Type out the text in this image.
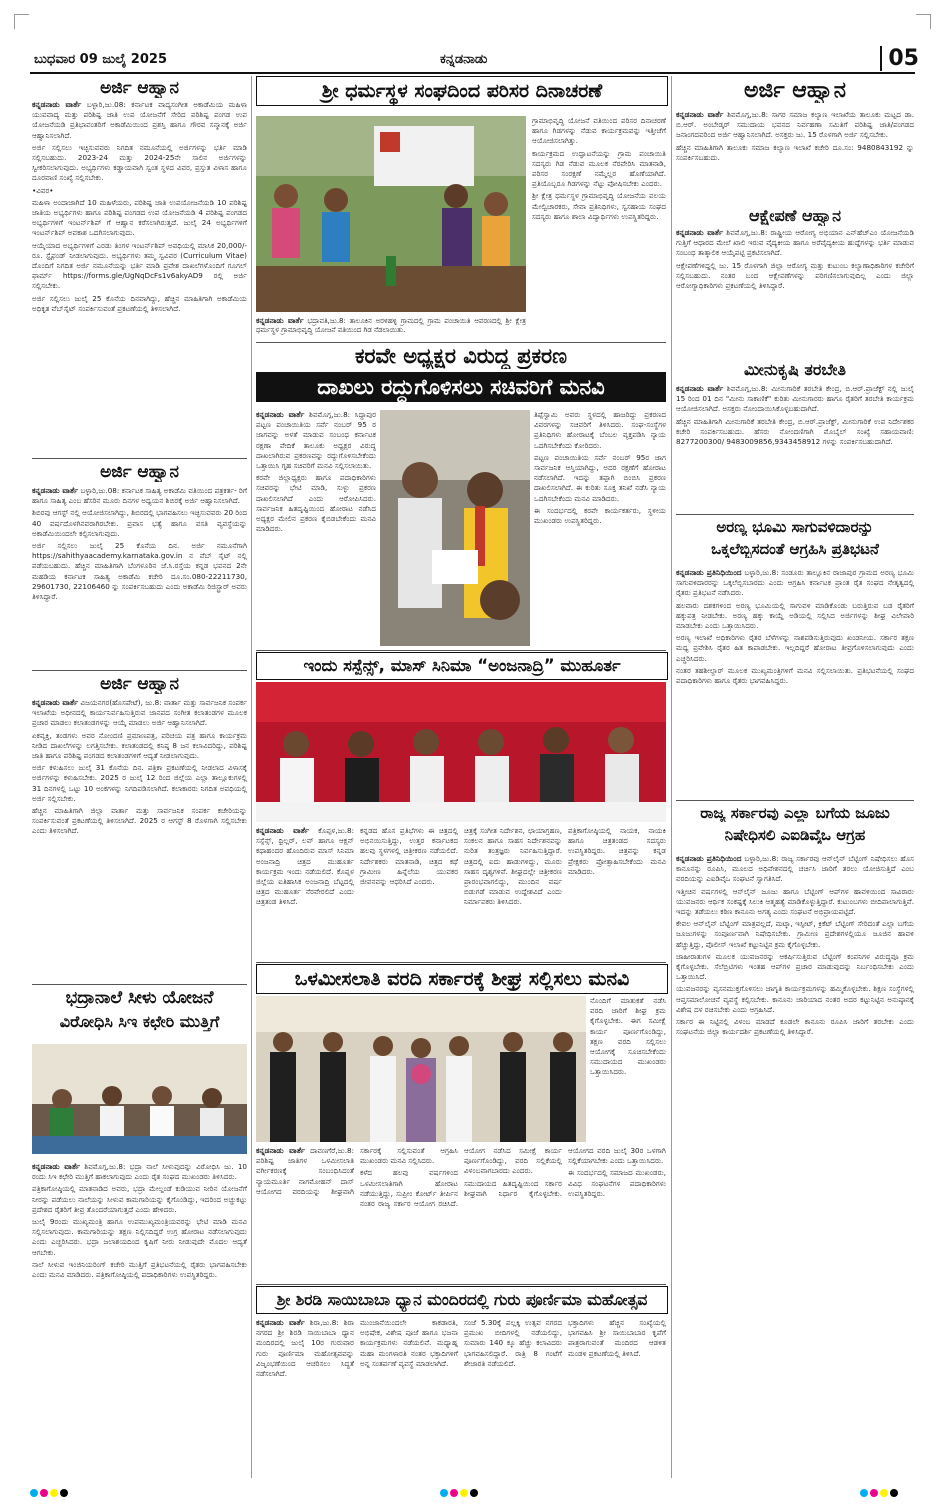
ಬುಧವಾರ 09 ಜುಲೈ 2025	ಕನ್ನಡನಾಡು	05
ಅರ್ಜಿ ಆಹ್ವಾನ

ಕನ್ನಡನಾಡು ವಾರ್ತೆ ಬಳ್ಳಾರಿ,ಜು.08: ಕರ್ನಾಟಕ ವಾದ್ಯಸಂಗೀತ ಅಕಾಡೆಮಿಯ ಮಹಿಳಾ ಯುವವಾದ್ಯ ಮತ್ತು ಪರಿಶಿಷ್ಟ ಜಾತಿ ಉಪ ಯೋಜನೆಗೆ ಸೇರಿದ ಪರಿಶಿಷ್ಟ ಪಂಗಡ ಉಪ ಯೋಜನೆಯಡಿ ಪ್ರತಿಭಾವಂತರಿಗೆ ಅಕಾಡೆಮಿಯಿಂದ ಪ್ರಶಸ್ತಿ ಹಾಗೂ ಗೌರವ ಸನ್ಮಾನಕ್ಕೆ ಅರ್ಜಿ ಆಹ್ವಾನಿಸಲಾಗಿದೆ.

ಅರ್ಜಿ ಸಲ್ಲಿಸಲು ಇಚ್ಛಿಸುವವರು ನಿಗದಿತ ನಮೂನೆಯಲ್ಲಿ ಅರ್ಜಿಗಳನ್ನು ಭರ್ತಿ ಮಾಡಿ ಸಲ್ಲಿಸಬಹುದು. 2023-24 ಮತ್ತು 2024-25ನೇ ಸಾಲಿನ ಅರ್ಜಿಗಳನ್ನು ಸ್ವೀಕರಿಸಲಾಗುವುದು. ಅಭ್ಯರ್ಥಿಗಳು ಕಡ್ಡಾಯವಾಗಿ ಸ್ವಂತ ಸ್ಥಳದ ವಿವರ, ಪ್ರಸ್ತುತ ವಿಳಾಸ ಹಾಗೂ ದೂರವಾಣಿ ಸಂಖ್ಯೆ ಸಲ್ಲಿಸಬೇಕು.

•ವಿವರ•

ಮಹಿಳಾ ಅಂದಾಜಾಗಿದೆ 10 ಮಹಿಳೆಯರು, ಪರಿಶಿಷ್ಟ ಜಾತಿ ಉಪಯೋಜನೆಯಡಿ 10 ಪರಿಶಿಷ್ಟ ಜಾತಿಯ ಅಭ್ಯರ್ಥಿಗಳು ಹಾಗೂ ಪರಿಶಿಷ್ಟ ಪಂಗಡದ ಉಪ ಯೋಜನೆಯಡಿ 4 ಪರಿಶಿಷ್ಟ ಪಂಗಡದ ಅಭ್ಯರ್ಥಿಗಳಿಗೆ ಇಂಟರ್ನ್‌ಶಿಪ್ ಗೆ ಆಹ್ವಾನ ಕರೆಸಲಾಗಿರುತ್ತದೆ. ಜುಲೈ 24 ಅಭ್ಯರ್ಥಿಗಳಿಗೆ ಇಂಟರ್ನ್‌ಶಿಪ್ ಅವಕಾಶ ಒದಗಿಸಲಾಗುವುದು.

ಆಯ್ಕೆಯಾದ ಅಭ್ಯರ್ಥಿಗಳಿಗೆ ಎರಡು ತಿಂಗಳ ಇಂಟರ್ನ್‌ಶಿಪ್ ಅವಧಿಯಲ್ಲಿ ಮಾಸಿಕ 20,000/- ರೂ. ಸ್ಟೈಫಂಡ್ ನೀಡಲಾಗುವುದು. ಅಭ್ಯರ್ಥಿಗಳು ತಮ್ಮ ಸ್ವವಿವರ (Curriculum Vitae) ದೊಂದಿಗೆ ನಿಗದಿತ ಅರ್ಜಿ ನಮೂನೆಯನ್ನು ಭರ್ತಿ ಮಾಡಿ ಪ್ರವೇಶ ದಾಖಲೆಗಳೊಂದಿಗೆ ಗೂಗಲ್ ಫಾರ್ಮ್ https://forms.gle/UgNqDcFs1v6akyAD9 ರಲ್ಲಿ ಅರ್ಜಿ ಸಲ್ಲಿಸಬೇಕು.

ಅರ್ಜಿ ಸಲ್ಲಿಸಲು ಜುಲೈ 25 ಕೊನೆಯ ದಿನವಾಗಿದ್ದು, ಹೆಚ್ಚಿನ ಮಾಹಿತಿಗಾಗಿ ಅಕಾಡೆಮಿಯ ಅಧಿಕೃತ ವೆಬ್‌ಸೈಟ್ ಸಂಪರ್ಕಿಸುವಂತೆ ಪ್ರಕಟಣೆಯಲ್ಲಿ ತಿಳಿಸಲಾಗಿದೆ.

ಅರ್ಜಿ ಆಹ್ವಾನ

ಕನ್ನಡನಾಡು ವಾರ್ತೆ ಬಳ್ಳಾರಿ,ಜು.08: ಕರ್ನಾಟಕ ಸಾಹಿತ್ಯ ಅಕಾಡೆಮಿ ವತಿಯಿಂದ ಪತ್ರಕರ್ತ- ರಿಗೆ ಹಾಗೂ ಸಾಹಿತ್ಯ ಎಂಬ ಹೆಸರಿನ ಮೂರು ದಿನಗಳ ಅಧ್ಯಯನ ಶಿಬಿರಕ್ಕೆ ಅರ್ಜಿ ಆಹ್ವಾನಿಸಲಾಗಿದೆ.

ಶಿಬಿರವು ಆಗಸ್ಟ್ ನಲ್ಲಿ ಆಯೋಜಿಸಲಾಗಿದ್ದು, ಶಿಬಿರದಲ್ಲಿ ಭಾಗವಹಿಸಲು ಇಚ್ಛಿಸುವವರು 20 ರಿಂದ 40 ವರ್ಷದೊಳಗಿನವರಾಗಿರಬೇಕು. ಪ್ರವಾಸ ಭತ್ಯೆ ಹಾಗೂ ವಸತಿ ವ್ಯವಸ್ಥೆಯನ್ನು ಅಕಾಡೆಮಿಯಿಂದಲೇ ಕಲ್ಪಿಸಲಾಗುವುದು.

ಅರ್ಜಿ ಸಲ್ಲಿಸಲು ಜುಲೈ 25 ಕೊನೆಯ ದಿನ. ಅರ್ಜಿ ನಮೂನೆಗಾಗಿ https://sahithyaacademy.karnataka.gov.in ನ ವೆಬ್ ಸೈಟ್ ನಲ್ಲಿ ಪಡೆಯಬಹುದು. ಹೆಚ್ಚಿನ ಮಾಹಿತಿಗಾಗಿ ಬೆಂಗಳೂರಿನ ಜೆ.ಸಿ.ರಸ್ತೆಯ ಕನ್ನಡ ಭವನದ 2ನೇ ಮಹಡಿಯ ಕರ್ನಾಟಕ ಸಾಹಿತ್ಯ ಅಕಾಡೆಮಿ ಕಚೇರಿ ದೂ.ಸಂ.080-22211730, 29601730, 22106460 ನ್ನು ಸಂಪರ್ಕಿಸಬಹುದು ಎಂದು ಅಕಾಡೆಮಿ ರಿಜಿಸ್ಟ್ರಾರ್ ಅವರು ತಿಳಿಸಿದ್ದಾರೆ.

ಅರ್ಜಿ ಆಹ್ವಾನ

ಕನ್ನಡನಾಡು ವಾರ್ತೆ ವಿಜಯನಗರ(ಹೊಸಪೇಟೆ), ಜು.8: ವಾರ್ತಾ ಮತ್ತು ಸಾರ್ವಜನಿಕ ಸಂಪರ್ಕ ಇಲಾಖೆಯ ಅಧೀನದಲ್ಲಿ ಕಾರ್ಯನಿರ್ವಹಿಸುತ್ತಿರುವ ಜಾನಪದ ಸಂಗೀತ ಕಲಾತಂಡಗಳ ಮೂಲಕ ಪ್ರಚಾರ ಮಾಡಲು ಕಲಾತಂಡಗಳನ್ನು ಆಯ್ಕೆ ಮಾಡಲು ಅರ್ಜಿ ಆಹ್ವಾನಿಸಲಾಗಿದೆ.

ಏಕವ್ಯಕ್ತಿ, ತಂಡಗಳು ಅವರ ನೋಂದಣಿ ಪ್ರಮಾಣಪತ್ರ, ಪರಿಚಯ ಪತ್ರ ಹಾಗೂ ಕಾರ್ಯಕ್ರಮ ನೀಡಿದ ದಾಖಲೆಗಳನ್ನು ಲಗತ್ತಿಸಬೇಕು. ಕಲಾತಂಡದಲ್ಲಿ ಕನಿಷ್ಠ 8 ಜನ ಕಲಾವಿದರಿದ್ದು, ಪರಿಶಿಷ್ಟ ಜಾತಿ ಹಾಗೂ ಪರಿಶಿಷ್ಟ ಪಂಗಡದ ಕಲಾತಂಡಗಳಿಗೆ ಆದ್ಯತೆ ನೀಡಲಾಗುವುದು.

ಅರ್ಜಿ ಕಳುಹಿಸಲು ಜುಲೈ 31 ಕೊನೆಯ ದಿನ. ಪತ್ರಿಕಾ ಪ್ರಕಟಣೆಯಲ್ಲಿ ನೀಡಲಾದ ವಿಳಾಸಕ್ಕೆ ಅರ್ಜಿಗಳನ್ನು ಕಳುಹಿಸಬೇಕು. 2025 ರ ಜುಲೈ 12 ರಿಂದ ಜಿಲ್ಲೆಯ ಎಲ್ಲಾ ತಾಲ್ಲೂಕುಗಳಲ್ಲಿ 31 ದಿನಗಳಲ್ಲಿ ಒಟ್ಟು 10 ಅಂಕಗಳನ್ನು ನಿಗದಿಪಡಿಸಲಾಗಿದೆ. ಕಲಾಕಾರರು ನಿಗದಿತ ಅವಧಿಯಲ್ಲಿ ಅರ್ಜಿ ಸಲ್ಲಿಸಬೇಕು.

ಹೆಚ್ಚಿನ ಮಾಹಿತಿಗಾಗಿ ಜಿಲ್ಲಾ ವಾರ್ತಾ ಮತ್ತು ಸಾರ್ವಜನಿಕ ಸಂಪರ್ಕ ಕಚೇರಿಯನ್ನು ಸಂಪರ್ಕಿಸುವಂತೆ ಪ್ರಕಟಣೆಯಲ್ಲಿ ತಿಳಿಸಲಾಗಿದೆ. 2025 ರ ಆಗಸ್ಟ್ 8 ರೊಳಗಾಗಿ ಸಲ್ಲಿಸಬೇಕು ಎಂದು ತಿಳಿಸಲಾಗಿದೆ.

ಭದ್ರಾನಾಲೆ ಸೀಳು ಯೋಜನೆ
ವಿರೋಧಿಸಿ ಸಿಇ ಕಛೇರಿ ಮುತ್ತಿಗೆ

ಕನ್ನಡನಾಡು ವಾರ್ತೆ ಶಿವಮೊಗ್ಗ,ಜು.8: ಭದ್ರಾ ನಾಲೆ ಸೀಳುವುದನ್ನು ವಿರೋಧಿಸಿ ಜು. 10 ರಂದು ಸಿಇ ಕಛೇರಿ ಮುತ್ತಿಗೆ ಹಾಕಲಾಗುವುದು ಎಂದು ರೈತ ಸಂಘದ ಮುಖಂಡರು ತಿಳಿಸಿದರು.

ಪತ್ರಿಕಾಗೋಷ್ಠಿಯಲ್ಲಿ ಮಾತನಾಡಿದ ಅವರು, ಭದ್ರಾ ಮೇಲ್ದಂಡೆ ಕುಡಿಯುವ ನೀರಿನ ಯೋಜನೆಗೆ ನೀರನ್ನು ಪಡೆಯಲು ನಾಲೆಯನ್ನು ಸೀಳುವ ಕಾಮಗಾರಿಯನ್ನು ಕೈಗೊಂಡಿದ್ದು, ಇದರಿಂದ ಅಚ್ಚುಕಟ್ಟು ಪ್ರದೇಶದ ರೈತರಿಗೆ ತೀವ್ರ ತೊಂದರೆಯಾಗುತ್ತದೆ ಎಂದು ಹೇಳಿದರು.

ಜುಲೈ 9ರಂದು ಮುಖ್ಯಮಂತ್ರಿ ಹಾಗೂ ಉಪಮುಖ್ಯಮಂತ್ರಿಯವರನ್ನು ಭೇಟಿ ಮಾಡಿ ಮನವಿ ಸಲ್ಲಿಸಲಾಗುವುದು. ಕಾಮಗಾರಿಯನ್ನು ತಕ್ಷಣ ನಿಲ್ಲಿಸದಿದ್ದರೆ ಉಗ್ರ ಹೋರಾಟ ನಡೆಸಲಾಗುವುದು ಎಂದು ಎಚ್ಚರಿಸಿದರು. ಭದ್ರಾ ಜಲಾಶಯದಿಂದ ಕೃಷಿಗೆ ನೀರು ನೀಡುವುದೇ ಮೊದಲ ಆದ್ಯತೆ ಆಗಬೇಕು.

ನಾಲೆ ಸೀಳುವ ಇಂಜಿನಿಯರಿಂಗ್ ಕಚೇರಿ ಮುತ್ತಿಗೆ ಪ್ರತಿಭಟನೆಯಲ್ಲಿ ರೈತರು ಭಾಗವಹಿಸಬೇಕು ಎಂದು ಮನವಿ ಮಾಡಿದರು. ಪತ್ರಿಕಾಗೋಷ್ಠಿಯಲ್ಲಿ ಪದಾಧಿಕಾರಿಗಳು ಉಪಸ್ಥಿತರಿದ್ದರು.

ಶ್ರೀ ಧರ್ಮಸ್ಥಳ ಸಂಘದಿಂದ ಪರಿಸರ ದಿನಾಚರಣೆ
ಕನ್ನಡನಾಡು ವಾರ್ತೆ ಭದ್ರಾವತಿ,ಜು.8: ತಾಲೂಕಿನ ಅರಳಿಹಳ್ಳಿ ಗ್ರಾಮದಲ್ಲಿ ಗ್ರಾಮ ಪಂಚಾಯಿತಿ ಆವರಣದಲ್ಲಿ ಶ್ರೀ ಕ್ಷೇತ್ರ ಧರ್ಮಸ್ಥಳ ಗ್ರಾಮಾಭಿವೃದ್ಧಿ ಯೋಜನೆ ವತಿಯಿಂದ ಗಿಡ ನೆಡಲಾಯಿತು.

ಗ್ರಾಮಾಭಿವೃದ್ಧಿ ಯೋಜನೆ ವತಿಯಿಂದ ಪರಿಸರ ದಿನಾಚರಣೆ ಹಾಗೂ ಗಿಡಗಳನ್ನು ನೆಡುವ ಕಾರ್ಯಕ್ರಮವನ್ನು ಇತ್ತೀಚೆಗೆ ಆಯೋಜಿಸಲಾಗಿತ್ತು.

ಕಾರ್ಯಕ್ರಮದ ಉದ್ಘಾಟನೆಯನ್ನು ಗ್ರಾಮ ಪಂಚಾಯಿತಿ ಸದಸ್ಯರು ಗಿಡ ನೆಡುವ ಮೂಲಕ ನೆರವೇರಿಸಿ ಮಾತನಾಡಿ, ಪರಿಸರ ಸಂರಕ್ಷಣೆ ನಮ್ಮೆಲ್ಲರ ಹೊಣೆಯಾಗಿದೆ. ಪ್ರತಿಯೊಬ್ಬರೂ ಗಿಡಗಳನ್ನು ನೆಟ್ಟು ಪೋಷಿಸಬೇಕು ಎಂದರು.

ಶ್ರೀ ಕ್ಷೇತ್ರ ಧರ್ಮಸ್ಥಳ ಗ್ರಾಮಾಭಿವೃದ್ಧಿ ಯೋಜನೆಯ ವಲಯ ಮೇಲ್ವಿಚಾರಕರು, ಸೇವಾ ಪ್ರತಿನಿಧಿಗಳು, ಸ್ವಸಹಾಯ ಸಂಘದ ಸದಸ್ಯರು ಹಾಗೂ ಶಾಲಾ ವಿದ್ಯಾರ್ಥಿಗಳು ಉಪಸ್ಥಿತರಿದ್ದರು.

ಕರವೇ ಅಧ್ಯಕ್ಷರ ವಿರುದ್ಧ ಪ್ರಕರಣ
ದಾಖಲು ರದ್ದುಗೊಳಿಸಲು ಸಚಿವರಿಗೆ ಮನವಿ

ಕನ್ನಡನಾಡು ವಾರ್ತೆ ಶಿವಮೊಗ್ಗ,ಜು.8: ಸಿದ್ದಾಪುರ ಪಟ್ಟಣ ಪಂಚಾಯಿತಿಯ ಸರ್ವೆ ನಂಬರ್ 95 ರ ಜಾಗವನ್ನು ಅಳತೆ ಮಾಡುವ ಸಂಬಂಧ ಕರ್ನಾಟಕ ರಕ್ಷಣಾ ವೇದಿಕೆ ತಾಲೂಕು ಅಧ್ಯಕ್ಷರ ವಿರುದ್ಧ ದಾಖಲಾಗಿರುವ ಪ್ರಕರಣವನ್ನು ರದ್ದುಗೊಳಿಸಬೇಕೆಂದು ಒತ್ತಾಯಿಸಿ ಗೃಹ ಸಚಿವರಿಗೆ ಮನವಿ ಸಲ್ಲಿಸಲಾಯಿತು.

ಕರವೇ ಜಿಲ್ಲಾಧ್ಯಕ್ಷರು ಹಾಗೂ ಪದಾಧಿಕಾರಿಗಳು ಸಚಿವರನ್ನು ಭೇಟಿ ಮಾಡಿ, ಸುಳ್ಳು ಪ್ರಕರಣ ದಾಖಲಿಸಲಾಗಿದೆ ಎಂದು ಆರೋಪಿಸಿದರು. ಸಾರ್ವಜನಿಕ ಹಿತದೃಷ್ಟಿಯಿಂದ ಹೋರಾಟ ನಡೆಸಿದ ಅಧ್ಯಕ್ಷರ ಮೇಲಿನ ಪ್ರಕರಣ ಕೈಬಿಡಬೇಕೆಂದು ಮನವಿ ಮಾಡಿದರು.

ತಿಪ್ಪೆಸ್ವಾಮಿ ಅವರು ಸ್ಥಳದಲ್ಲಿ ಹಾಜರಿದ್ದು ಪ್ರಕರಣದ ವಿವರಗಳನ್ನು ಸಚಿವರಿಗೆ ತಿಳಿಸಿದರು. ಸಂಘ-ಸಂಸ್ಥೆಗಳ ಪ್ರತಿನಿಧಿಗಳು ಹೋರಾಟಕ್ಕೆ ಬೆಂಬಲ ವ್ಯಕ್ತಪಡಿಸಿ ನ್ಯಾಯ ಒದಗಿಸಬೇಕೆಂದು ಕೋರಿದರು.

ಪಟ್ಟಣ ಪಂಚಾಯಿತಿಯ ಸರ್ವೆ ನಂಬರ್ 95ರ ಜಾಗ ಸಾರ್ವಜನಿಕ ಆಸ್ತಿಯಾಗಿದ್ದು, ಅದರ ರಕ್ಷಣೆಗೆ ಹೋರಾಟ ನಡೆಸಲಾಗಿದೆ. ಇದನ್ನು ತಪ್ಪಾಗಿ ಬಿಂಬಿಸಿ ಪ್ರಕರಣ ದಾಖಲಿಸಲಾಗಿದೆ. ಈ ಕುರಿತು ಸೂಕ್ತ ತನಿಖೆ ನಡೆಸಿ ನ್ಯಾಯ ಒದಗಿಸಬೇಕೆಂದು ಮನವಿ ಮಾಡಿದರು.

ಈ ಸಂದರ್ಭದಲ್ಲಿ ಕರವೇ ಕಾರ್ಯಕರ್ತರು, ಸ್ಥಳೀಯ ಮುಖಂಡರು ಉಪಸ್ಥಿತರಿದ್ದರು.

ಇಂದು ಸಸ್ಪೆನ್ಸ್, ಮಾಸ್ ಸಿನಿಮಾ “ಅಂಜನಾದ್ರಿ” ಮುಹೂರ್ತ

ಕನ್ನಡನಾಡು ವಾರ್ತೆ ಕೊಪ್ಪಳ,ಜು.8: ಸಸ್ಪೆನ್ಸ್, ಥ್ರಿಲ್ಲರ್, ಲವ್ ಹಾಗೂ ಆಕ್ಷನ್ ಕಥಾಹಂದರ ಹೊಂದಿರುವ ಮಾಸ್ ಸಿನಿಮಾ ಅಂಜನಾದ್ರಿ ಚಿತ್ರದ ಮುಹೂರ್ತ ಕಾರ್ಯಕ್ರಮ ಇಂದು ನಡೆಯಲಿದೆ. ಕೊಪ್ಪಳ ಜಿಲ್ಲೆಯ ಐತಿಹಾಸಿಕ ಅಂಜನಾದ್ರಿ ಬೆಟ್ಟದಲ್ಲಿ ಚಿತ್ರದ ಮುಹೂರ್ತ ನೆರವೇರಲಿದೆ ಎಂದು ಚಿತ್ರತಂಡ ತಿಳಿಸಿದೆ.

ಕನ್ನಡದ ಹೊಸ ಪ್ರತಿಭೆಗಳು ಈ ಚಿತ್ರದಲ್ಲಿ ಅಭಿನಯಿಸುತ್ತಿದ್ದು, ಉತ್ತರ ಕರ್ನಾಟಕದ ಹಲವು ಸ್ಥಳಗಳಲ್ಲಿ ಚಿತ್ರೀಕರಣ ನಡೆಯಲಿದೆ. ನಿರ್ದೇಶಕರು ಮಾತನಾಡಿ, ಚಿತ್ರದ ಕಥೆ ಗ್ರಾಮೀಣ ಹಿನ್ನೆಲೆಯ ಯುವಕರ ಜೀವನವನ್ನು ಆಧರಿಸಿದೆ ಎಂದರು.

ಚಿತ್ರಕ್ಕೆ ಸಂಗೀತ ನಿರ್ದೇಶನ, ಛಾಯಾಗ್ರಹಣ, ಸಂಕಲನ ಹಾಗೂ ಸಾಹಸ ನಿರ್ದೇಶನವನ್ನು ನುರಿತ ತಂತ್ರಜ್ಞರು ನಿರ್ವಹಿಸುತ್ತಿದ್ದಾರೆ. ಚಿತ್ರದಲ್ಲಿ ಐದು ಹಾಡುಗಳಿದ್ದು, ಮೂರು ಸಾಹಸ ದೃಶ್ಯಗಳಿವೆ. ಶೀಘ್ರದಲ್ಲೇ ಚಿತ್ರೀಕರಣ ಪ್ರಾರಂಭವಾಗಲಿದ್ದು, ಮುಂದಿನ ವರ್ಷ ಬಿಡುಗಡೆ ಮಾಡುವ ಉದ್ದೇಶವಿದೆ ಎಂದು ನಿರ್ಮಾಪಕರು ತಿಳಿಸಿದರು.

ಪತ್ರಿಕಾಗೋಷ್ಠಿಯಲ್ಲಿ ನಾಯಕ, ನಾಯಕಿ ಹಾಗೂ ಚಿತ್ರತಂಡದ ಸದಸ್ಯರು ಉಪಸ್ಥಿತರಿದ್ದರು. ಚಿತ್ರವನ್ನು ಕನ್ನಡ ಪ್ರೇಕ್ಷಕರು ಪ್ರೋತ್ಸಾಹಿಸಬೇಕೆಂದು ಮನವಿ ಮಾಡಿದರು.

ಒಳಮೀಸಲಾತಿ ವರದಿ ಸರ್ಕಾರಕ್ಕೆ ಶೀಘ್ರ ಸಲ್ಲಿಸಲು ಮನವಿ

ನೊಂದಿಗೆ ಮಾತುಕತೆ ನಡೆಸಿ ವರದಿ ಜಾರಿಗೆ ಶೀಘ್ರ ಕ್ರಮ ಕೈಗೊಳ್ಳಬೇಕು. ಈಗ ಸಮೀಕ್ಷೆ ಕಾರ್ಯ ಪೂರ್ಣಗೊಂಡಿದ್ದು, ತಕ್ಷಣ ವರದಿ ಸಲ್ಲಿಸಲು ಆಯೋಗಕ್ಕೆ ಸೂಚಿಸಬೇಕೆಂದು ಸಮುದಾಯದ ಮುಖಂಡರು ಒತ್ತಾಯಿಸಿದರು.

ಕನ್ನಡನಾಡು ವಾರ್ತೆ ದಾವಣಗೆರೆ,ಜು.8: ಪರಿಶಿಷ್ಟ ಜಾತಿಗಳ ಒಳಮೀಸಲಾತಿ ವರ್ಗೀಕರಣಕ್ಕೆ ಸಂಬಂಧಿಸಿದಂತೆ ನ್ಯಾಯಮೂರ್ತಿ ನಾಗಮೋಹನ್ ದಾಸ್ ಆಯೋಗದ ವರದಿಯನ್ನು ಶೀಘ್ರವಾಗಿ ಸರ್ಕಾರಕ್ಕೆ ಸಲ್ಲಿಸುವಂತೆ ಆಗ್ರಹಿಸಿ ಮುಖಂಡರು ಮನವಿ ಸಲ್ಲಿಸಿದರು.

ಕಳೆದ ಹಲವು ವರ್ಷಗಳಿಂದ ಒಳಮೀಸಲಾತಿಗಾಗಿ ಹೋರಾಟ ನಡೆಯುತ್ತಿದ್ದು, ಸುಪ್ರೀಂ ಕೋರ್ಟ್ ತೀರ್ಪಿನ ನಂತರ ರಾಜ್ಯ ಸರ್ಕಾರ ಆಯೋಗ ರಚಿಸಿದೆ. ಆಯೋಗ ನಡೆಸಿದ ಸಮೀಕ್ಷೆ ಕಾರ್ಯ ಪೂರ್ಣಗೊಂಡಿದ್ದು, ವರದಿ ಸಲ್ಲಿಕೆಯಲ್ಲಿ ವಿಳಂಬವಾಗಬಾರದು ಎಂದರು.

ಸಮುದಾಯದ ಹಿತದೃಷ್ಟಿಯಿಂದ ಸರ್ಕಾರ ಶೀಘ್ರವಾಗಿ ನಿರ್ಧಾರ ಕೈಗೊಳ್ಳಬೇಕು. ಆಯೋಗದ ವರದಿ ಜುಲೈ 30ರ ಒಳಗಾಗಿ ಸಲ್ಲಿಕೆಯಾಗಬೇಕು ಎಂದು ಒತ್ತಾಯಿಸಿದರು.

ಈ ಸಂದರ್ಭದಲ್ಲಿ ಸಮಾಜದ ಮುಖಂಡರು, ವಿವಿಧ ಸಂಘಟನೆಗಳ ಪದಾಧಿಕಾರಿಗಳು ಉಪಸ್ಥಿತರಿದ್ದರು.

ಶ್ರೀ ಶಿರಡಿ ಸಾಯಿಬಾಬಾ ಧ್ಯಾನ ಮಂದಿರದಲ್ಲಿ ಗುರು ಪೂರ್ಣಿಮಾ ಮಹೋತ್ಸವ

ಕನ್ನಡನಾಡು ವಾರ್ತೆ ಶಿರಾ,ಜು.8: ಶಿರಾ ನಗರದ ಶ್ರೀ ಶಿರಡಿ ಸಾಯಿಬಾಬಾ ಧ್ಯಾನ ಮಂದಿರದಲ್ಲಿ ಜುಲೈ 10ರ ಗುರುವಾರ ಗುರು ಪೂರ್ಣಿಮಾ ಮಹೋತ್ಸವವನ್ನು ವಿಜೃಂಭಣೆಯಿಂದ ಆಚರಿಸಲು ಸಿದ್ಧತೆ ನಡೆಸಲಾಗಿದೆ.

ಮುಂಜಾನೆಯಿಂದಲೇ ಕಾಕಡಾರತಿ, ಅಭಿಷೇಕ, ವಿಶೇಷ ಪೂಜೆ ಹಾಗೂ ಭಜನಾ ಕಾರ್ಯಕ್ರಮಗಳು ನಡೆಯಲಿವೆ. ಮಧ್ಯಾಹ್ನ ಮಹಾ ಮಂಗಳಾರತಿ ನಂತರ ಭಕ್ತಾದಿಗಳಿಗೆ ಅನ್ನ ಸಂತರ್ಪಣೆ ವ್ಯವಸ್ಥೆ ಮಾಡಲಾಗಿದೆ.

ಸಂಜೆ 5.30ಕ್ಕೆ ಪಲ್ಲಕ್ಕಿ ಉತ್ಸವ ನಗರದ ಪ್ರಮುಖ ಬೀದಿಗಳಲ್ಲಿ ನಡೆಯಲಿದ್ದು, ಸುಮಾರು 140 ಕ್ಕೂ ಹೆಚ್ಚು ಕಲಾವಿದರು ಭಾಗವಹಿಸಲಿದ್ದಾರೆ. ರಾತ್ರಿ 8 ಗಂಟೆಗೆ ಶೇಜಾರತಿ ನಡೆಯಲಿದೆ.

ಭಕ್ತಾದಿಗಳು ಹೆಚ್ಚಿನ ಸಂಖ್ಯೆಯಲ್ಲಿ ಭಾಗವಹಿಸಿ ಶ್ರೀ ಸಾಯಿಬಾಬಾರ ಕೃಪೆಗೆ ಪಾತ್ರರಾಗುವಂತೆ ಮಂದಿರದ ಆಡಳಿತ ಮಂಡಳಿ ಪ್ರಕಟಣೆಯಲ್ಲಿ ತಿಳಿಸಿದೆ.

ಅರ್ಜಿ ಆಹ್ವಾನ

ಕನ್ನಡನಾಡು ವಾರ್ತೆ ಶಿವಮೊಗ್ಗ,ಜು.8: ಸಾಗರ ಸಮಾಜ ಕಲ್ಯಾಣ ಇಲಾಖೆಯ ತಾಲೂಕು ಮಟ್ಟದ ಡಾ. ಬಿ.ಆರ್. ಅಂಬೇಡ್ಕರ್ ಸಮುದಾಯ ಭವನದ ನಿರ್ವಹಣಾ ಸಮಿತಿಗೆ ಪರಿಶಿಷ್ಟ ಜಾತಿ/ಪಂಗಡದ ಜನಾಂಗದವರಿಂದ ಅರ್ಜಿ ಆಹ್ವಾನಿಸಲಾಗಿದೆ. ಅಸಕ್ತರು ಜು. 15 ರೊಳಗಾಗಿ ಅರ್ಜಿ ಸಲ್ಲಿಸಬೇಕು.

ಹೆಚ್ಚಿನ ಮಾಹಿತಿಗಾಗಿ ತಾಲೂಕು ಸಮಾಜ ಕಲ್ಯಾಣ ಇಲಾಖೆ ಕಚೇರಿ ದೂ.ಸಂ: 9480843192 ನ್ನು ಸಂಪರ್ಕಿಸಬಹುದು.

ಆಕ್ಷೇಪಣೆ ಆಹ್ವಾನ

ಕನ್ನಡನಾಡು ವಾರ್ತೆ ಶಿವಮೊಗ್ಗ,ಜು.8: ರಾಷ್ಟ್ರೀಯ ಆರೋಗ್ಯ ಅಭಿಯಾನ ಎನ್‌ಹೆಚ್‌ಎಂ ಯೋಜನೆಯಡಿ ಗುತ್ತಿಗೆ ಆಧಾರದ ಮೇಲೆ ಖಾಲಿ ಇರುವ ವೈದ್ಯಕೀಯ ಹಾಗೂ ಅರೆವೈದ್ಯಕೀಯ ಹುದ್ದೆಗಳನ್ನು ಭರ್ತಿ ಮಾಡುವ ಸಂಬಂಧ ತಾತ್ಕಾಲಿಕ ಆಯ್ಕೆಪಟ್ಟಿ ಪ್ರಕಟಿಸಲಾಗಿದೆ.

ಆಕ್ಷೇಪಣೆಗಳಿದ್ದಲ್ಲಿ ಜು. 15 ರೊಳಗಾಗಿ ಜಿಲ್ಲಾ ಆರೋಗ್ಯ ಮತ್ತು ಕುಟುಂಬ ಕಲ್ಯಾಣಾಧಿಕಾರಿಗಳ ಕಚೇರಿಗೆ ಸಲ್ಲಿಸಬಹುದು. ನಂತರ ಬಂದ ಆಕ್ಷೇಪಣೆಗಳನ್ನು ಪರಿಗಣಿಸಲಾಗುವುದಿಲ್ಲ ಎಂದು ಜಿಲ್ಲಾ ಆರೋಗ್ಯಾಧಿಕಾರಿಗಳು ಪ್ರಕಟಣೆಯಲ್ಲಿ ತಿಳಿಸಿದ್ದಾರೆ.

ಮೀನುಕೃಷಿ ತರಬೇತಿ

ಕನ್ನಡನಾಡು ವಾರ್ತೆ ಶಿವಮೊಗ್ಗ,ಜು.8: ಮೀನುಗಾರಿಕೆ ತರಬೇತಿ ಕೇಂದ್ರ, ಬಿ.ಆರ್.ಪ್ರಾಜೆಕ್ಟ್ ನಲ್ಲಿ ಜುಲೈ 15 ರಿಂದ 01 ದಿನ "ಮೀನು ಸಾಕಾಣಿಕೆ" ಕುರಿತು ಮೀನುಗಾರರು ಹಾಗೂ ರೈತರಿಗೆ ತರಬೇತಿ ಕಾರ್ಯಕ್ರಮ ಆಯೋಜಿಸಲಾಗಿದೆ. ಅಸಕ್ತರು ನೋಂದಾಯಿಸಿಕೊಳ್ಳಬಹುದಾಗಿದೆ.

ಹೆಚ್ಚಿನ ಮಾಹಿತಿಗಾಗಿ ಮೀನುಗಾರಿಕೆ ತರಬೇತಿ ಕೇಂದ್ರ, ಬಿ.ಆರ್.ಪ್ರಾಜೆಕ್ಟ್, ಮೀನುಗಾರಿಕೆ ಉಪ ನಿರ್ದೇಶಕರ ಕಚೇರಿ ಸಂಪರ್ಕಿಸಬಹುದು. ಹೆಸರು ನೋಂದಣಿಗಾಗಿ ಮೊಬೈಲ್ ಸಂಖ್ಯೆ ಸಹಾಯವಾಣಿ: 8277200300/ 9483009856,9343458912 ಗಳನ್ನು ಸಂಪರ್ಕಿಸಬಹುದಾಗಿದೆ.

ಅರಣ್ಯ ಭೂಮಿ ಸಾಗುವಳಿದಾರನ್ನು
ಒಕ್ಕಲೆಬ್ಬಿಸದಂತೆ ಆಗ್ರಹಿಸಿ ಪ್ರತಿಭಟನೆ

ಕನ್ನಡನಾಡು ಪ್ರತಿನಿಧಿಯಿಂದ ಬಳ್ಳಾರಿ,ಜು.8: ಸಂಡೂರು ತಾಲ್ಲೂಕಿನ ರಾಜಾಪುರ ಗ್ರಾಮದ ಅರಣ್ಯ ಭೂಮಿ ಸಾಗುವಳಿದಾರರನ್ನು ಒಕ್ಕಲೆಬ್ಬಿಸಬಾರದು ಎಂದು ಆಗ್ರಹಿಸಿ ಕರ್ನಾಟಕ ಪ್ರಾಂತ ರೈತ ಸಂಘದ ನೇತೃತ್ವದಲ್ಲಿ ರೈತರು ಪ್ರತಿಭಟನೆ ನಡೆಸಿದರು.

ಹಲವಾರು ದಶಕಗಳಿಂದ ಅರಣ್ಯ ಭೂಮಿಯಲ್ಲಿ ಸಾಗುವಳಿ ಮಾಡಿಕೊಂಡು ಬರುತ್ತಿರುವ ಬಡ ರೈತರಿಗೆ ಹಕ್ಕುಪತ್ರ ನೀಡಬೇಕು. ಅರಣ್ಯ ಹಕ್ಕು ಕಾಯ್ದೆ ಅಡಿಯಲ್ಲಿ ಸಲ್ಲಿಸಿದ ಅರ್ಜಿಗಳನ್ನು ಶೀಘ್ರ ವಿಲೇವಾರಿ ಮಾಡಬೇಕು ಎಂದು ಒತ್ತಾಯಿಸಿದರು.

ಅರಣ್ಯ ಇಲಾಖೆ ಅಧಿಕಾರಿಗಳು ರೈತರ ಬೆಳೆಗಳನ್ನು ನಾಶಪಡಿಸುತ್ತಿರುವುದು ಖಂಡನೀಯ. ಸರ್ಕಾರ ತಕ್ಷಣ ಮಧ್ಯ ಪ್ರವೇಶಿಸಿ ರೈತರ ಹಿತ ಕಾಪಾಡಬೇಕು. ಇಲ್ಲದಿದ್ದರೆ ಹೋರಾಟ ತೀವ್ರಗೊಳಿಸಲಾಗುವುದು ಎಂದು ಎಚ್ಚರಿಸಿದರು.

ನಂತರ ತಹಶೀಲ್ದಾರ್ ಮೂಲಕ ಮುಖ್ಯಮಂತ್ರಿಗಳಿಗೆ ಮನವಿ ಸಲ್ಲಿಸಲಾಯಿತು. ಪ್ರತಿಭಟನೆಯಲ್ಲಿ ಸಂಘದ ಪದಾಧಿಕಾರಿಗಳು ಹಾಗೂ ರೈತರು ಭಾಗವಹಿಸಿದ್ದರು.

ರಾಜ್ಯ ಸರ್ಕಾರವು ಎಲ್ಲಾ ಬಗೆಯ ಜೂಜು
ನಿಷೇಧಿಸಲಿ ಎಐಡಿವೈಒ ಆಗ್ರಹ

ಕನ್ನಡನಾಡು ಪ್ರತಿನಿಧಿಯಿಂದ ಬಳ್ಳಾರಿ,ಜು.8: ರಾಜ್ಯ ಸರ್ಕಾರವು ಆನ್‌ಲೈನ್ ಬೆಟ್ಟಿಂಗ್ ನಿಷೇಧಿಸಲು ಹೊಸ ಕಾನೂನನ್ನು ರೂಪಿಸಿ, ಮೂಲದ ಅಧಿವೇಶನದಲ್ಲಿ ಚರ್ಚಿಸಿ ಜಾರಿಗೆ ತರಲು ಯೋಜಿಸುತ್ತಿದೆ ಎಂಬ ವರದಿಯನ್ನು ಎಐಡಿವೈಒ ಸಂಘಟನೆ ಸ್ವಾಗತಿಸಿದೆ.

ಇತ್ತೀಚಿನ ವರ್ಷಗಳಲ್ಲಿ ಆನ್‌ಲೈನ್ ಜೂಜು ಹಾಗೂ ಬೆಟ್ಟಿಂಗ್ ಆಪ್‌ಗಳ ಹಾವಳಿಯಿಂದ ಸಾವಿರಾರು ಯುವಜನರು ಆರ್ಥಿಕ ಸಂಕಷ್ಟಕ್ಕೆ ಸಿಲುಕಿ ಆತ್ಮಹತ್ಯೆ ಮಾಡಿಕೊಳ್ಳುತ್ತಿದ್ದಾರೆ. ಕುಟುಂಬಗಳು ಬೀದಿಪಾಲಾಗುತ್ತಿವೆ. ಇದನ್ನು ತಡೆಯಲು ಕಠಿಣ ಕಾನೂನು ಅಗತ್ಯ ಎಂದು ಸಂಘಟನೆ ಅಭಿಪ್ರಾಯಪಟ್ಟಿದೆ.

ಕೇವಲ ಆನ್‌ಲೈನ್ ಬೆಟ್ಟಿಂಗ್ ಮಾತ್ರವಲ್ಲದೆ, ಮಟ್ಕಾ, ಇಸ್ಪೀಟ್, ಕ್ರಿಕೆಟ್ ಬೆಟ್ಟಿಂಗ್ ಸೇರಿದಂತೆ ಎಲ್ಲಾ ಬಗೆಯ ಜೂಜುಗಳನ್ನು ಸಂಪೂರ್ಣವಾಗಿ ನಿಷೇಧಿಸಬೇಕು. ಗ್ರಾಮೀಣ ಪ್ರದೇಶಗಳಲ್ಲಿಯೂ ಜೂಜಿನ ಹಾವಳಿ ಹೆಚ್ಚುತ್ತಿದ್ದು, ಪೊಲೀಸ್ ಇಲಾಖೆ ಕಟ್ಟುನಿಟ್ಟಿನ ಕ್ರಮ ಕೈಗೊಳ್ಳಬೇಕು.

ಜಾಹೀರಾತುಗಳ ಮೂಲಕ ಯುವಜನರನ್ನು ಆಕರ್ಷಿಸುತ್ತಿರುವ ಬೆಟ್ಟಿಂಗ್ ಕಂಪನಿಗಳ ವಿರುದ್ಧವೂ ಕ್ರಮ ಕೈಗೊಳ್ಳಬೇಕು. ಸೆಲೆಬ್ರಿಟಿಗಳು ಇಂತಹ ಆಪ್‌ಗಳ ಪ್ರಚಾರ ಮಾಡುವುದನ್ನು ನಿರ್ಬಂಧಿಸಬೇಕು ಎಂದು ಒತ್ತಾಯಿಸಿದೆ.

ಯುವಜನರನ್ನು ವ್ಯಸನಮುಕ್ತಗೊಳಿಸಲು ಜಾಗೃತಿ ಕಾರ್ಯಕ್ರಮಗಳನ್ನು ಹಮ್ಮಿಕೊಳ್ಳಬೇಕು. ಶಿಕ್ಷಣ ಸಂಸ್ಥೆಗಳಲ್ಲಿ ಆಪ್ತಸಮಾಲೋಚನೆ ವ್ಯವಸ್ಥೆ ಕಲ್ಪಿಸಬೇಕು. ಕಾನೂನು ಜಾರಿಯಾದ ನಂತರ ಅದರ ಕಟ್ಟುನಿಟ್ಟಿನ ಅನುಷ್ಠಾನಕ್ಕೆ ವಿಶೇಷ ದಳ ರಚಿಸಬೇಕು ಎಂದು ಆಗ್ರಹಿಸಿದೆ.

ಸರ್ಕಾರ ಈ ನಿಟ್ಟಿನಲ್ಲಿ ವಿಳಂಬ ಮಾಡದೆ ಕೂಡಲೇ ಕಾನೂನು ರೂಪಿಸಿ ಜಾರಿಗೆ ತರಬೇಕು ಎಂದು ಸಂಘಟನೆಯ ಜಿಲ್ಲಾ ಕಾರ್ಯದರ್ಶಿ ಪ್ರಕಟಣೆಯಲ್ಲಿ ತಿಳಿಸಿದ್ದಾರೆ.
